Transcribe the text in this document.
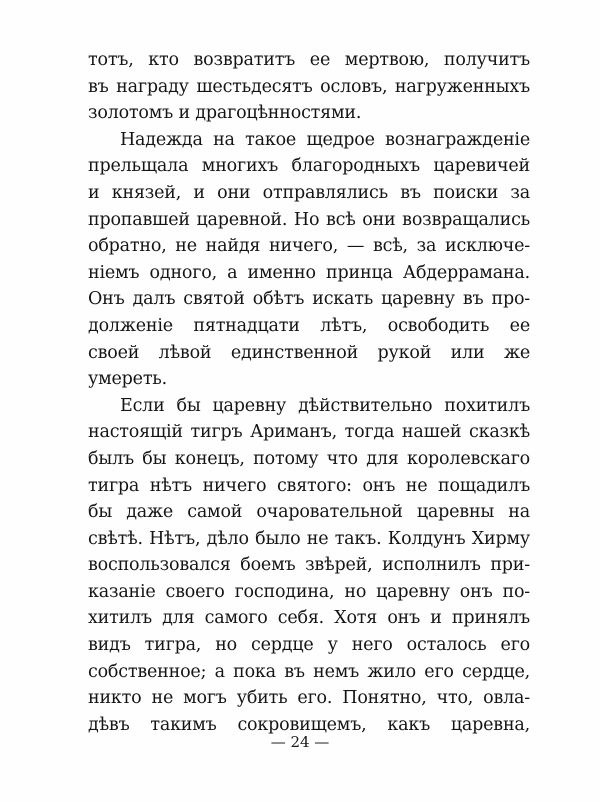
тотъ, кто возвратитъ ее мертвою, получитъ
въ награду шестьдесятъ ословъ, нагруженныхъ
золотомъ и драгоцѣнностями.
Надежда на такое щедрое вознагражденіе
прельщала многихъ благородныхъ царевичей
и князей, и они отправлялись въ поиски за
пропавшей царевной. Но всѣ они возвращались
обратно, не найдя ничего, — всѣ, за исключе-
ніемъ одного, а именно принца Абдеррамана.
Онъ далъ святой обѣтъ искать царевну въ про-
долженіе пятнадцати лѣтъ, освободить ее
своей лѣвой единственной рукой или же
умереть.
Если бы царевну дѣйствительно похитилъ
настоящій тигръ Ариманъ, тогда нашей сказкѣ
былъ бы конецъ, потому что для королевскаго
тигра нѣтъ ничего святого: онъ не пощадилъ
бы даже самой очаровательной царевны на
свѣтѣ. Нѣтъ, дѣло было не такъ. Колдунъ Хирму
воспользовался боемъ звѣрей, исполнилъ при-
казаніе своего господина, но царевну онъ по-
хитилъ для самого себя. Хотя онъ и принялъ
видъ тигра, но сердце у него осталось его
собственное; а пока въ немъ жило его сердце,
никто не могъ убить его. Понятно, что, овла-
дѣвъ такимъ сокровищемъ, какъ царевна,
— 24 —
